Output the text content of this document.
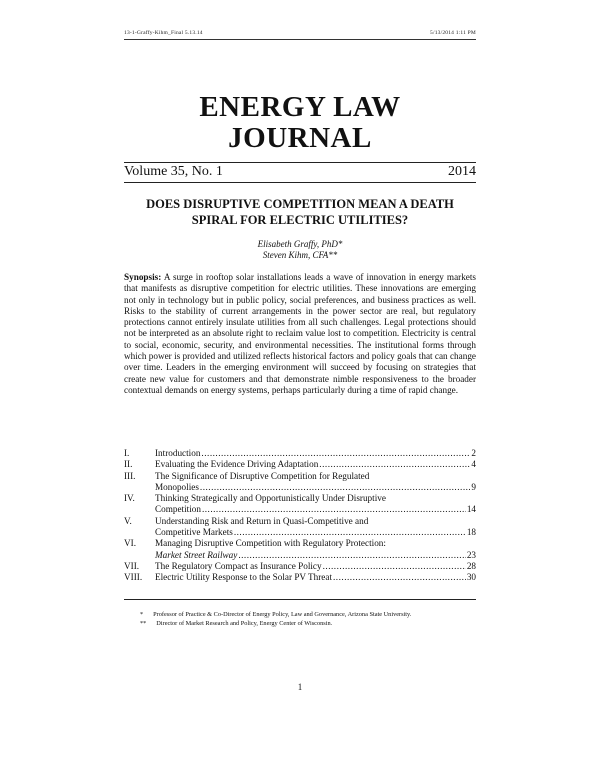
13-1-Graffy-Kihm_Final 5.13.14	5/13/2014 1:11 PM
ENERGY LAW
JOURNAL
Volume 35, No. 1	2014
DOES DISRUPTIVE COMPETITION MEAN A DEATH
SPIRAL FOR ELECTRIC UTILITIES?
Elisabeth Graffy, PhD*
Steven Kihm, CFA**
Synopsis: A surge in rooftop solar installations leads a wave of innovation in energy markets that manifests as disruptive competition for electric utilities. These innovations are emerging not only in technology but in public policy, social preferences, and business practices as well. Risks to the stability of current arrangements in the power sector are real, but regulatory protections cannot entirely insulate utilities from all such challenges. Legal protections should not be interpreted as an absolute right to reclaim value lost to competition. Electricity is central to social, economic, security, and environmental necessities. The institutional forms through which power is provided and utilized reflects historical factors and policy goals that can change over time. Leaders in the emerging environment will succeed by focusing on strategies that create new value for customers and that demonstrate nimble responsiveness to the broader contextual demands on energy systems, perhaps particularly during a time of rapid change.
I.	Introduction .....	2
II. Evaluating the Evidence Driving Adaptation .....	4
III. The Significance of Disruptive Competition for Regulated
Monopolies .....	9
IV. Thinking Strategically and Opportunistically Under Disruptive
Competition .....	14
V.	Understanding Risk and Return in Quasi-Competitive and
Competitive Markets .....	18
VI. Managing Disruptive Competition with Regulatory Protection:
Market Street Railway .....	23
VII. The Regulatory Compact as Insurance Policy .....	28
VIII. Electric Utility Response to the Solar PV Threat .....	30
* Professor of Practice & Co-Director of Energy Policy, Law and Governance, Arizona State University.
** Director of Market Research and Policy, Energy Center of Wisconsin.
1
